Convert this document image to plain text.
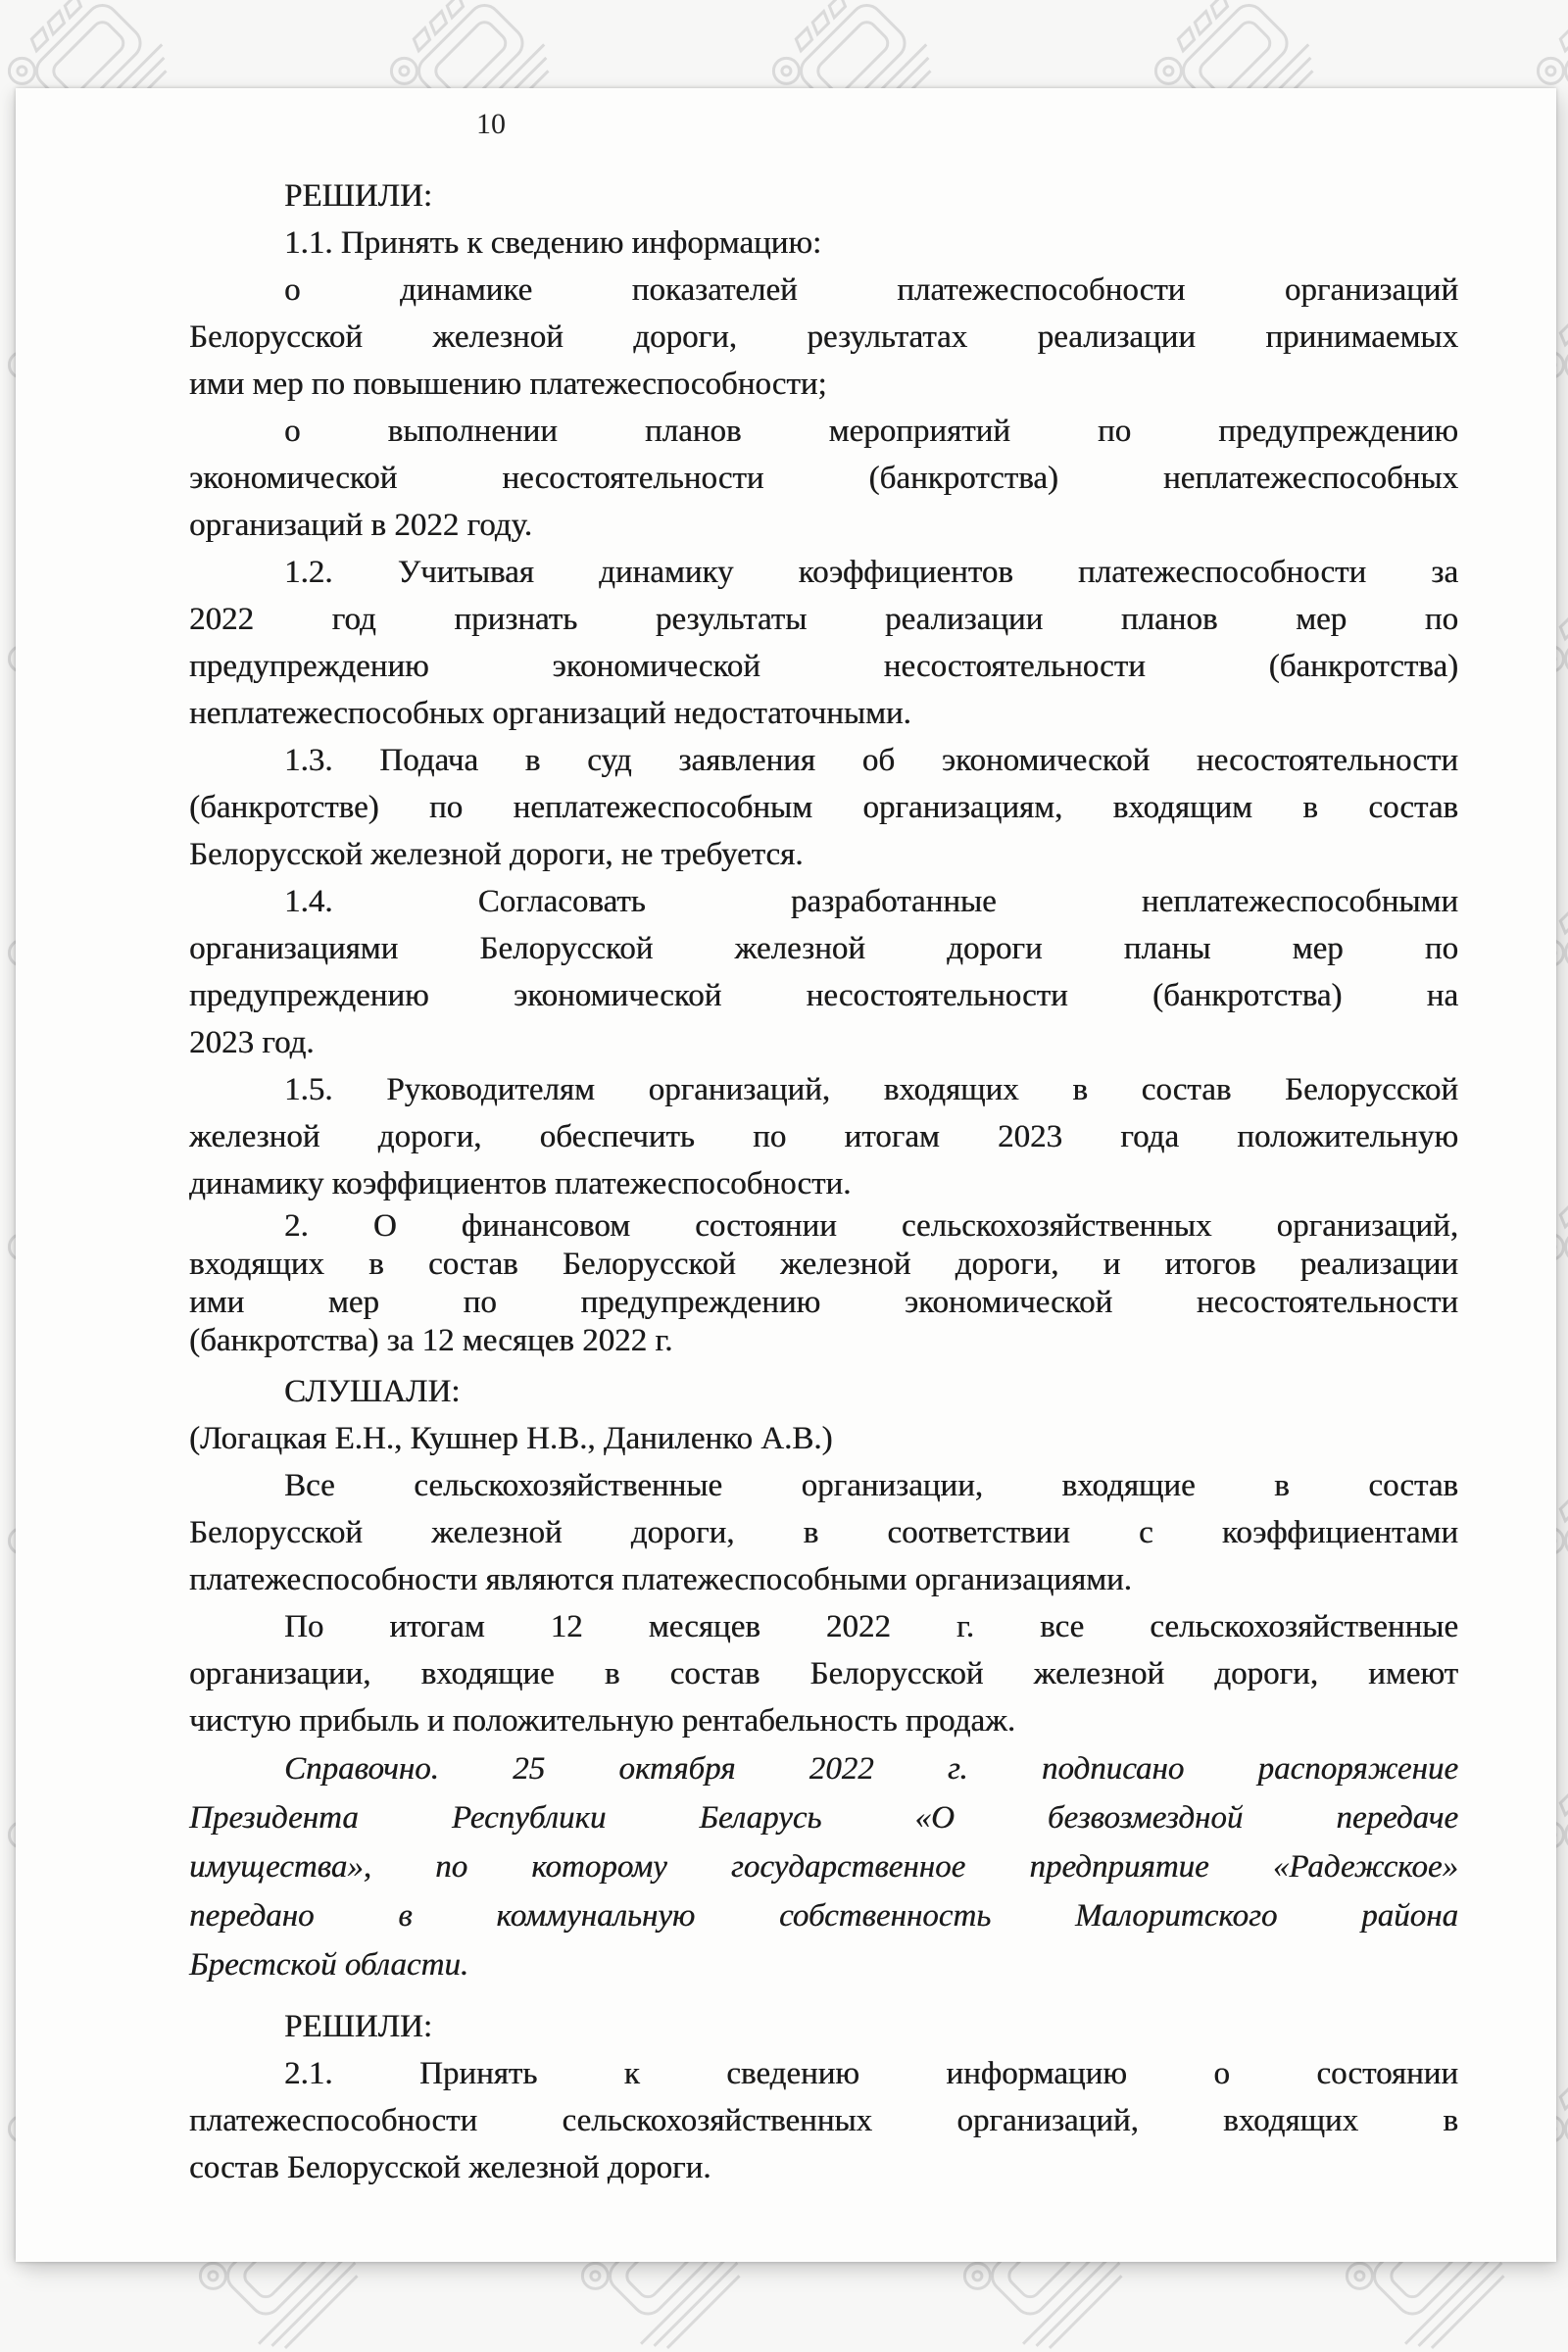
10
РЕШИЛИ:
1.1. Принять к сведению информацию:
о динамике показателей платежеспособности организаций
Белорусской железной дороги, результатах реализации принимаемых
ими мер по повышению платежеспособности;
о выполнении планов мероприятий по предупреждению
экономической несостоятельности (банкротства) неплатежеспособных
организаций в 2022 году.
1.2. Учитывая динамику коэффициентов платежеспособности за
2022 год признать результаты реализации планов мер по
предупреждению экономической несостоятельности (банкротства)
неплатежеспособных организаций недостаточными.
1.3. Подача в суд заявления об экономической несостоятельности
(банкротстве) по неплатежеспособным организациям, входящим в состав
Белорусской железной дороги, не требуется.
1.4. Согласовать разработанные неплатежеспособными
организациями Белорусской железной дороги планы мер по
предупреждению экономической несостоятельности (банкротства) на
2023 год.
1.5. Руководителям организаций, входящих в состав Белорусской
железной дороги, обеспечить по итогам 2023 года положительную
динамику коэффициентов платежеспособности.
2. О финансовом состоянии сельскохозяйственных организаций,
входящих в состав Белорусской железной дороги, и итогов реализации
ими мер по предупреждению экономической несостоятельности
(банкротства) за 12 месяцев 2022 г.
СЛУШАЛИ:
(Логацкая Е.Н., Кушнер Н.В., Даниленко А.В.)
Все сельскохозяйственные организации, входящие в состав
Белорусской железной дороги, в соответствии с коэффициентами
платежеспособности являются платежеспособными организациями.
По итогам 12 месяцев 2022 г. все сельскохозяйственные
организации, входящие в состав Белорусской железной дороги, имеют
чистую прибыль и положительную рентабельность продаж.
Справочно. 25 октября 2022 г. подписано распоряжение
Президента Республики Беларусь «О безвозмездной передаче
имущества», по которому государственное предприятие «Радежское»
передано в коммунальную собственность Малоритского района
Брестской области.
РЕШИЛИ:
2.1. Принять к сведению информацию о состоянии
платежеспособности сельскохозяйственных организаций, входящих в
состав Белорусской железной дороги.
